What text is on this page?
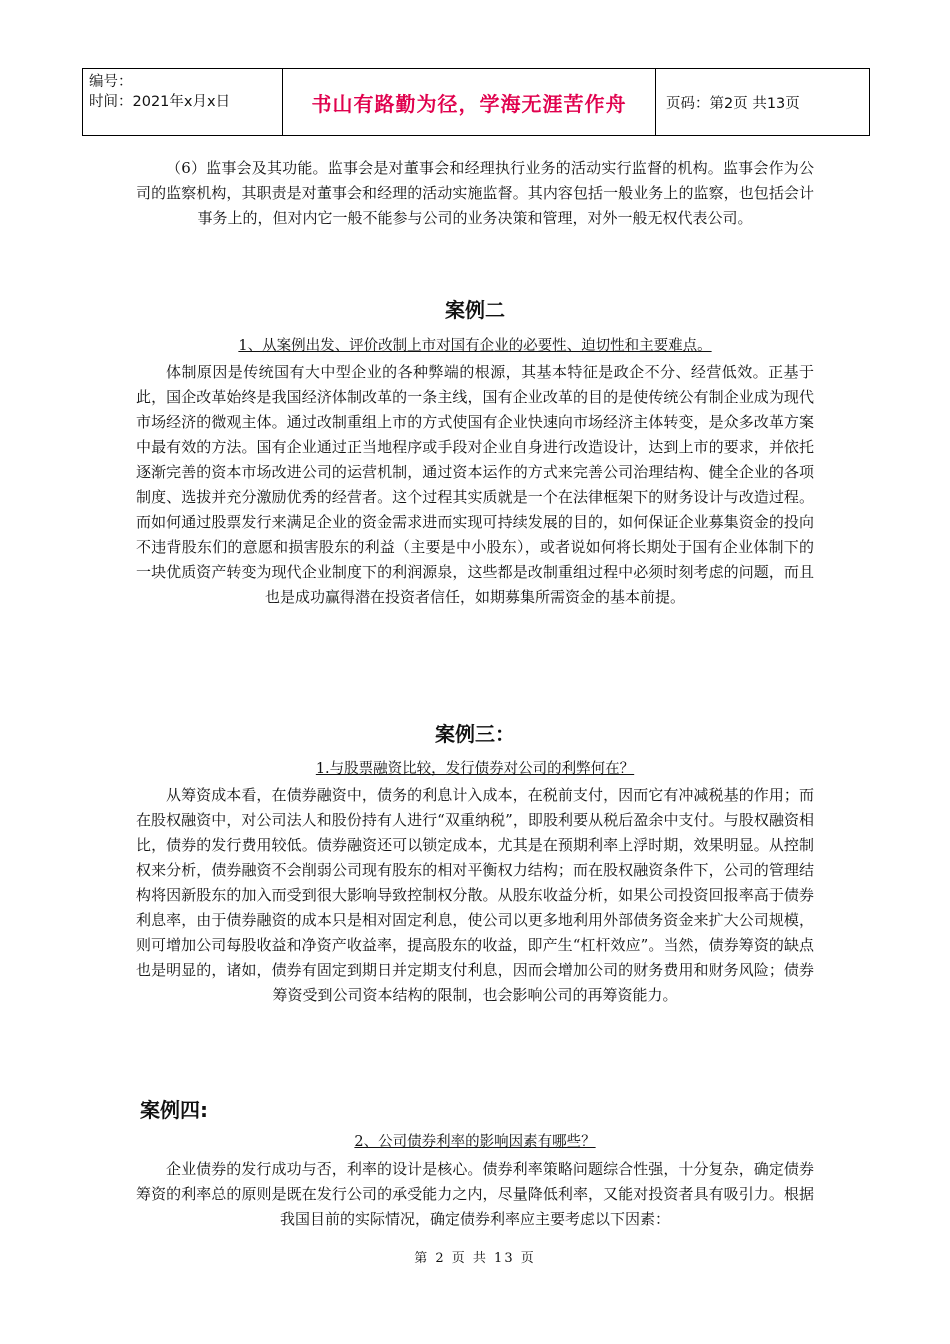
编号：
时间：2021年x月x日	书山有路勤为径，学海无涯苦作舟	页码：第2页 共13页

（6）监事会及其功能。监事会是对董事会和经理执行业务的活动实行监督的机构。监事会作为公司的监察机构，其职责是对董事会和经理的活动实施监督。其内容包括一般业务上的监察，也包括会计事务上的，但对内它一般不能参与公司的业务决策和管理，对外一般无权代表公司。

案例二

1、从案例出发、评价改制上市对国有企业的必要性、迫切性和主要难点。

体制原因是传统国有大中型企业的各种弊端的根源，其基本特征是政企不分、经营低效。正基于此，国企改革始终是我国经济体制改革的一条主线，国有企业改革的目的是使传统公有制企业成为现代市场经济的微观主体。通过改制重组上市的方式使国有企业快速向市场经济主体转变，是众多改革方案中最有效的方法。国有企业通过正当地程序或手段对企业自身进行改造设计，达到上市的要求，并依托逐渐完善的资本市场改进公司的运营机制，通过资本运作的方式来完善公司治理结构、健全企业的各项制度、选拔并充分激励优秀的经营者。这个过程其实质就是一个在法律框架下的财务设计与改造过程。而如何通过股票发行来满足企业的资金需求进而实现可持续发展的目的，如何保证企业募集资金的投向不违背股东们的意愿和损害股东的利益（主要是中小股东），或者说如何将长期处于国有企业体制下的一块优质资产转变为现代企业制度下的利润源泉，这些都是改制重组过程中必须时刻考虑的问题，而且也是成功赢得潜在投资者信任，如期募集所需资金的基本前提。

案例三：

1.与股票融资比较，发行债券对公司的利弊何在？

从筹资成本看，在债券融资中，债务的利息计入成本，在税前支付，因而它有冲减税基的作用；而在股权融资中，对公司法人和股份持有人进行“双重纳税”，即股利要从税后盈余中支付。与股权融资相比，债券的发行费用较低。债券融资还可以锁定成本，尤其是在预期利率上浮时期，效果明显。从控制权来分析，债券融资不会削弱公司现有股东的相对平衡权力结构；而在股权融资条件下，公司的管理结构将因新股东的加入而受到很大影响导致控制权分散。从股东收益分析，如果公司投资回报率高于债券利息率，由于债券融资的成本只是相对固定利息，使公司以更多地利用外部债务资金来扩大公司规模，则可增加公司每股收益和净资产收益率，提高股东的收益，即产生“杠杆效应”。当然，债券筹资的缺点也是明显的，诸如，债券有固定到期日并定期支付利息，因而会增加公司的财务费用和财务风险；债券筹资受到公司资本结构的限制，也会影响公司的再筹资能力。

案例四:

2、公司债券利率的影响因素有哪些？

企业债券的发行成功与否，利率的设计是核心。债券利率策略问题综合性强，十分复杂，确定债券筹资的利率总的原则是既在发行公司的承受能力之内，尽量降低利率，又能对投资者具有吸引力。根据我国目前的实际情况，确定债券利率应主要考虑以下因素：

第 2 页 共 13 页
